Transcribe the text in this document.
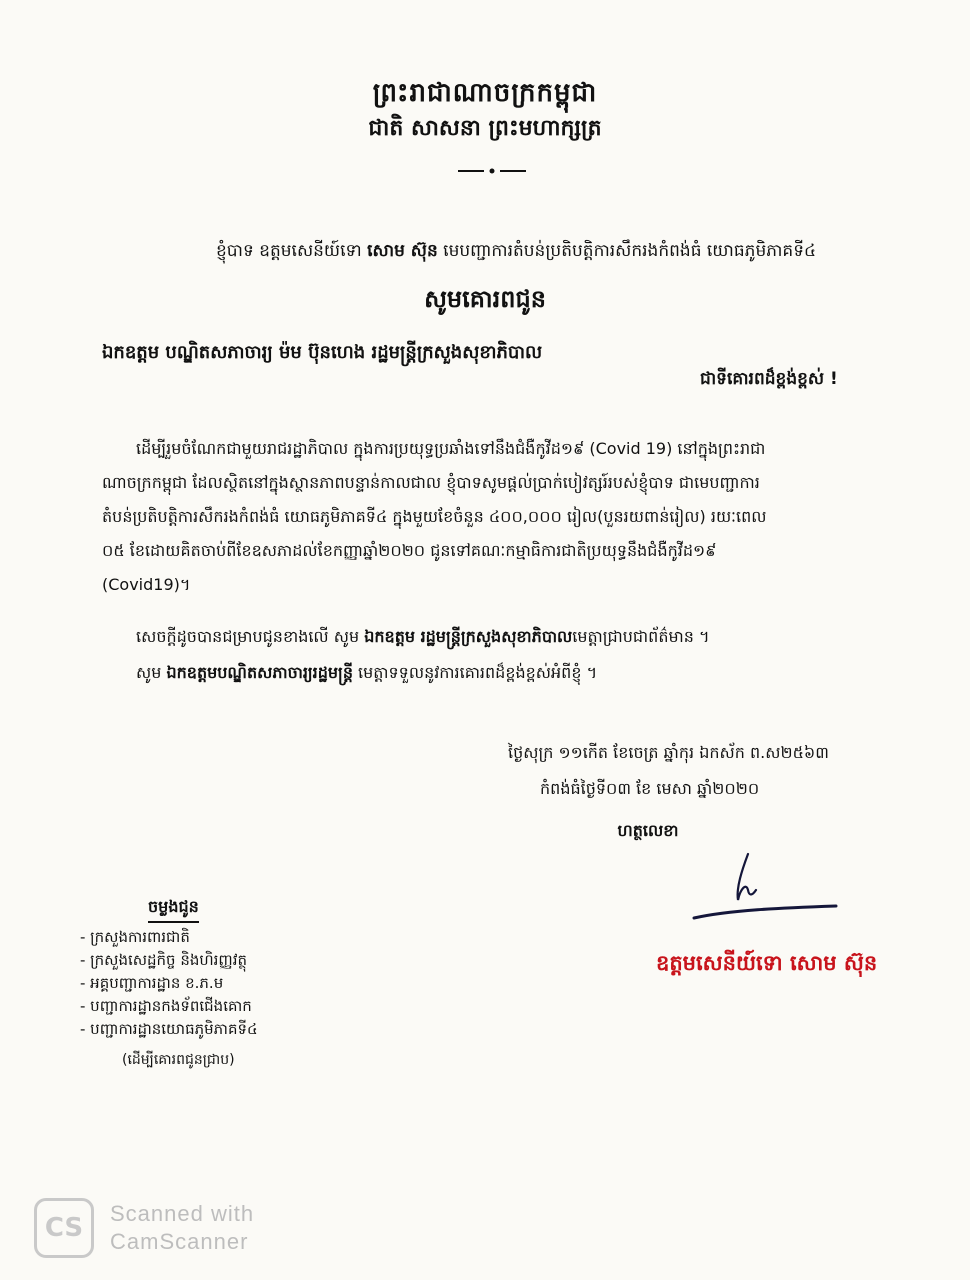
ព្រះរាជាណាចក្រកម្ពុជា
ជាតិ សាសនា ព្រះមហាក្សត្រ
ខ្ញុំបាទ ឧត្តមសេនីយ៍ទោ សោម ស៊ុន មេបញ្ជាការតំបន់ប្រតិបត្តិការសឹករងកំពង់ធំ យោធភូមិភាគទី៤
សូមគោរពជូន
ឯកឧត្តម បណ្ឌិតសភាចារ្យ ម៉ម ប៊ុនហេង រដ្ឋមន្ត្រីក្រសួងសុខាភិបាល
ជាទីគោរពដ៏ខ្ពង់ខ្ពស់ !
ដើម្បីរួមចំណែកជាមួយរាជរដ្ឋាភិបាល ក្នុងការប្រយុទ្ធប្រឆាំងទៅនឹងជំងឺកូវីដ១៩ (Covid 19) នៅក្នុងព្រះរាជា
ណាចក្រកម្ពុជា ដែលស្ថិតនៅក្នុងស្ថានភាពបន្ទាន់កាលជាល ខ្ញុំបាទសូមផ្តល់ប្រាក់បៀវត្សរ៍របស់ខ្ញុំបាទ ជាមេបញ្ជាការ
តំបន់ប្រតិបត្តិការសឹករងកំពង់ធំ យោធភូមិភាគទី៤ ក្នុងមួយខែចំនួន ៤០០,០០០ រៀល(បួនរយពាន់រៀល) រយៈពេល
០៥ ខែដោយគិតចាប់ពីខែឧសភាដល់ខែកញ្ញាឆ្នាំ២០២០ ជូនទៅគណៈកម្មាធិការជាតិប្រយុទ្ធនឹងជំងឺកូវីដ១៩
(Covid19)។
សេចក្តីដូចបានជម្រាបជូនខាងលើ សូម ឯកឧត្តម រដ្ឋមន្ត្រីក្រសួងសុខាភិបាលមេត្តាជ្រាបជាព័ត៌មាន ។
សូម ឯកឧត្តមបណ្ឌិតសភាចារ្យរដ្ឋមន្ត្រី មេត្តាទទួលនូវការគោរពដ៏ខ្ពង់ខ្ពស់អំពីខ្ញុំ ។
ថ្ងៃសុក្រ ១១កើត ខែចេត្រ ឆ្នាំកុរ ឯកស័ក ព.ស២៥៦៣
កំពង់ធំថ្ងៃទី០៣ ខែ មេសា ឆ្នាំ២០២០
ហត្ថលេខា
ឧត្តមសេនីយ៍ទោ សោម ស៊ុន
ចម្លងជូន
- ក្រសួងការពារជាតិ
- ក្រសួងសេដ្ឋកិច្ច និងហិរញ្ញវត្ថុ
- អគ្គបញ្ជាការដ្ឋាន ខ.ភ.ម
- បញ្ជាការដ្ឋានកងទ័ពជើងគោក
- បញ្ជាការដ្ឋានយោធភូមិភាគទី៤
(ដើម្បីគោរពជូនជ្រាប)
CS	Scanned with
CamScanner
